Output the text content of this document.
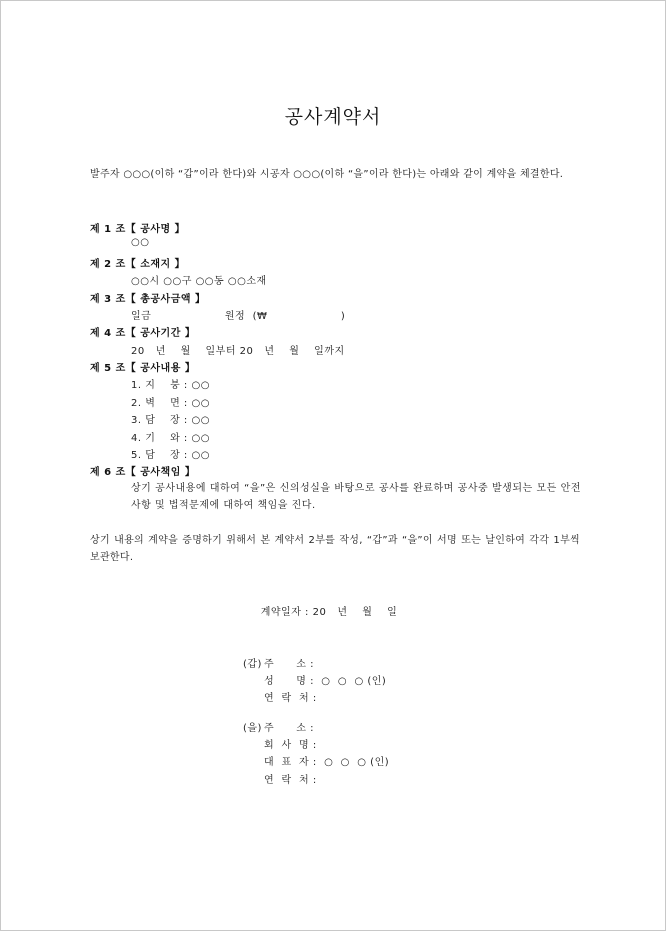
공사계약서
발주자 ○○○(이하 “갑”이라 한다)와 시공자 ○○○(이하 “을”이라 한다)는 아래와 같이 계약을 체결한다.
제 1 조【 공사명 】
○○
제 2 조【 소재지 】
○○시 ○○구 ○○동 ○○소재
제 3 조【 총공사금액 】
일금                    원정  (₩                    )
제 4 조【 공사기간 】
20   년    월    일부터 20   년    월    일까지
제 5 조【 공사내용 】
1. 지    붕 : ○○
2. 벽    면 : ○○
3. 담    장 : ○○
4. 기    와 : ○○
5. 담    장 : ○○
제 6 조【 공사책임 】
상기 공사내용에 대하여 “을”은 신의성실을 바탕으로 공사를 완료하며 공사중 발생되는 모든 안전사항 및 법적문제에 대하여 책임을 진다.
상기 내용의 계약을 증명하기 위해서 본 계약서 2부를 작성, “갑”과 “을”이 서명 또는 날인하여 각각 1부씩 보관한다.
계약일자 : 20   년    월    일
(갑) 주      소 :
성      명 :  ○  ○  ○ (인)
연  락  처 :
(을) 주      소 :
회  사  명 :
대  표  자 :  ○  ○  ○ (인)
연  락  처 :
